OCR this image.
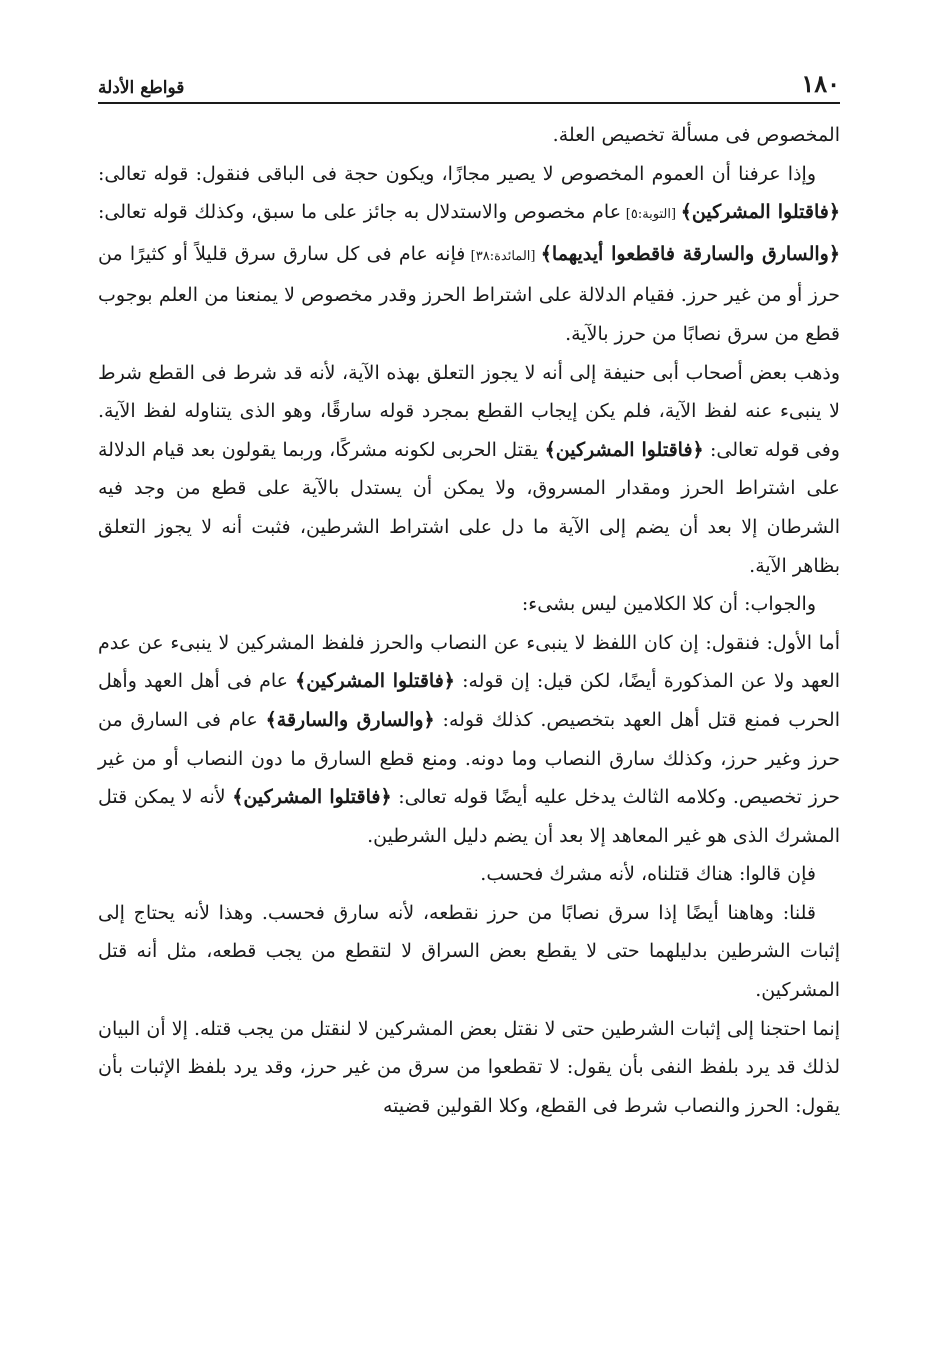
١٨٠
قواطع الأدلة

المخصوص فى مسألة تخصيص العلة.

وإذا عرفنا أن العموم المخصوص لا يصير مجازًا، ويكون حجة فى الباقى فنقول: قوله تعالى: ﴿فاقتلوا المشركين﴾ [التوبة:٥] عام مخصوص والاستدلال به جائز على ما سبق، وكذلك قوله تعالى: ﴿والسارق والسارقة فاقطعوا أيديهما﴾ [المائدة:٣٨] فإنه عام فى كل سارق سرق قليلاً أو كثيرًا من حرز أو من غير حرز. فقيام الدلالة على اشتراط الحرز وقدر مخصوص لا يمنعنا من العلم بوجوب قطع من سرق نصابًا من حرز بالآية.

وذهب بعض أصحاب أبى حنيفة إلى أنه لا يجوز التعلق بهذه الآية، لأنه قد شرط فى القطع شرط لا ينبىء عنه لفظ الآية، فلم يكن إيجاب القطع بمجرد قوله سارقًا، وهو الذى يتناوله لفظ الآية. وفى قوله تعالى: ﴿فاقتلوا المشركين﴾ يقتل الحربى لكونه مشركًا، وربما يقولون بعد قيام الدلالة على اشتراط الحرز ومقدار المسروق، ولا يمكن أن يستدل بالآية على قطع من وجد فيه الشرطان إلا بعد أن يضم إلى الآية ما دل على اشتراط الشرطين، فثبت أنه لا يجوز التعلق بظاهر الآية.

والجواب: أن كلا الكلامين ليس بشىء:

أما الأول: فنقول: إن كان اللفظ لا ينبىء عن النصاب والحرز فلفظ المشركين لا ينبىء عن عدم العهد ولا عن المذكورة أيضًا، لكن قيل: إن قوله: ﴿فاقتلوا المشركين﴾ عام فى أهل العهد وأهل الحرب فمنع قتل أهل العهد بتخصيص. كذلك قوله: ﴿والسارق والسارقة﴾ عام فى السارق من حرز وغير حرز، وكذلك سارق النصاب وما دونه. ومنع قطع السارق ما دون النصاب أو من غير حرز تخصيص. وكلامه الثالث يدخل عليه أيضًا قوله تعالى: ﴿فاقتلوا المشركين﴾ لأنه لا يمكن قتل المشرك الذى هو غير المعاهد إلا بعد أن يضم دليل الشرطين.

فإن قالوا: هناك قتلناه، لأنه مشرك فحسب.

قلنا: وهاهنا أيضًا إذا سرق نصابًا من حرز نقطعه، لأنه سارق فحسب. وهذا لأنه يحتاج إلى إثبات الشرطين بدليلهما حتى لا يقطع بعض السراق لا لتقطع من يجب قطعه، مثل أنه قتل المشركين.

إنما احتجنا إلى إثبات الشرطين حتى لا نقتل بعض المشركين لا لنقتل من يجب قتله. إلا أن البيان لذلك قد يرد بلفظ النفى بأن يقول: لا تقطعوا من سرق من غير حرز، وقد يرد بلفظ الإثبات بأن يقول: الحرز والنصاب شرط فى القطع، وكلا القولين قضيته
